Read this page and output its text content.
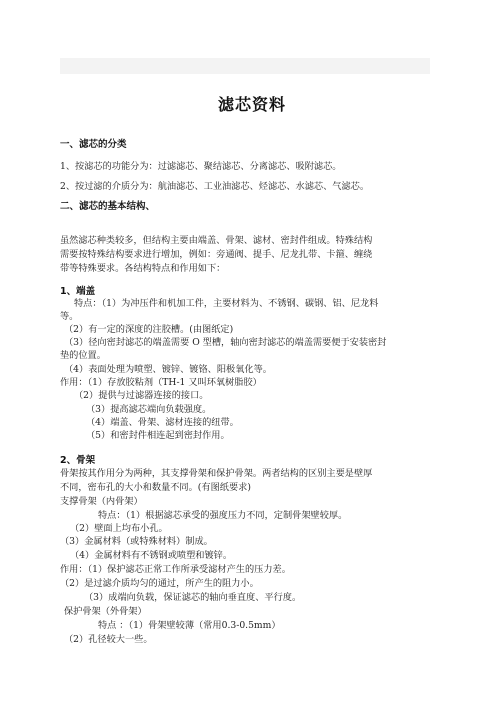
滤芯资料
一、滤芯的分类
1、按滤芯的功能分为：过滤滤芯、聚结滤芯、分离滤芯、吸附滤芯。
2、按过滤的介质分为：航油滤芯、工业油滤芯、烃滤芯、水滤芯、气滤芯。
二、滤芯的基本结构、
虽然滤芯种类较多，但结构主要由端盖、骨架、滤材、密封件组成。特殊结构
需要按特殊结构要求进行增加，例如：旁通阀、提手、尼龙扎带、卡箍、缠绕
带等特殊要求。各结构特点和作用如下：
1、端盖
特点：（1）为冲压件和机加工件，主要材料为、不锈钢、碳钢、铝、尼龙料
等。
（2）有一定的深度的注胶槽。(由图纸定)
（3）径向密封滤芯的端盖需要 O 型槽，轴向密封滤芯的端盖需要便于安装密封
垫的位置。
（4）表面处理为喷塑、镀锌、镀铬、阳极氧化等。
作用：（1）存放胶粘剂（TH-1 又叫环氧树脂胶）
（2）提供与过滤器连接的接口。
（3）提高滤芯端向负载强度。
（4）端盖、骨架、滤材连接的纽带。
（5）和密封件相连起到密封作用。
2、骨架
骨架按其作用分为两种，其支撑骨架和保护骨架。两者结构的区别主要是壁厚
不同，密布孔的大小和数量不同。(有图纸要求)
支撑骨架（内骨架）
特点：（1）根据滤芯承受的强度压力不同，定制骨架壁较厚。
（2）壁面上均布小孔。
（3）金属材料（或特殊材料）制成。
（4）金属材料有不锈钢或喷塑和镀锌。
作用：（1）保护滤芯正常工作所承受滤材产生的压力差。
（2）是过滤介质均匀的通过，所产生的阻力小。
（3）成端向负载，保证滤芯的轴向垂直度、平行度。
保护骨架（外骨架）
特点 ：（1）骨架壁较薄（常用0.3-0.5mm）
（2）孔径较大一些。
